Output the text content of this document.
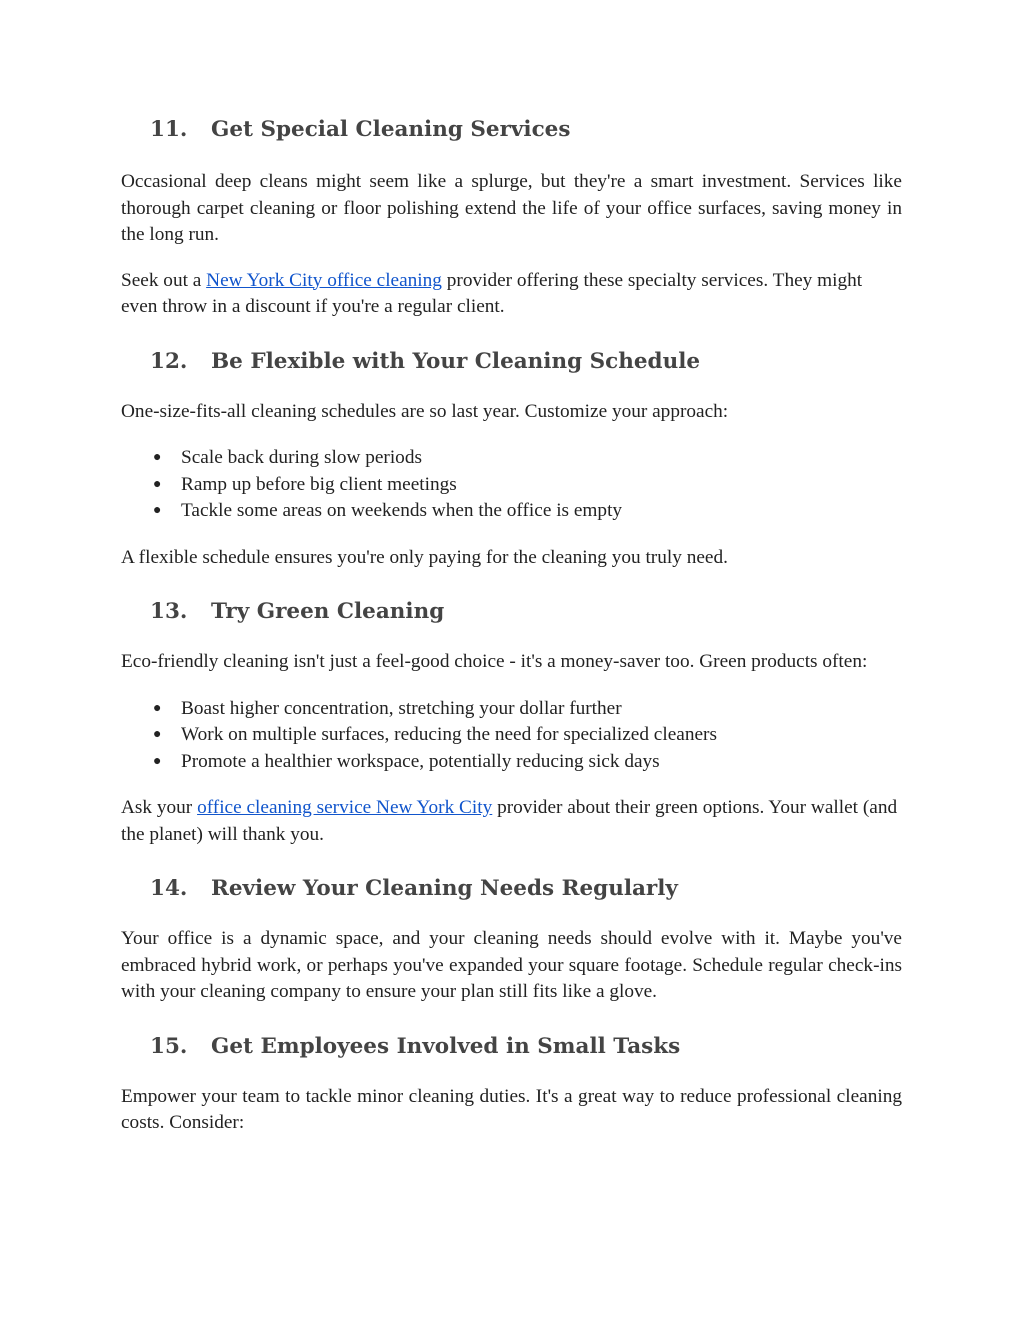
11.	Get Special Cleaning Services

Occasional deep cleans might seem like a splurge, but they're a smart investment. Services like thorough carpet cleaning or floor polishing extend the life of your office surfaces, saving money in the long run.

Seek out a New York City office cleaning provider offering these specialty services. They might even throw in a discount if you're a regular client.

12.	Be Flexible with Your Cleaning Schedule

One-size-fits-all cleaning schedules are so last year. Customize your approach:

● Scale back during slow periods
● Ramp up before big client meetings
● Tackle some areas on weekends when the office is empty

A flexible schedule ensures you're only paying for the cleaning you truly need.

13.	Try Green Cleaning

Eco-friendly cleaning isn't just a feel-good choice - it's a money-saver too. Green products often:

● Boast higher concentration, stretching your dollar further
● Work on multiple surfaces, reducing the need for specialized cleaners
● Promote a healthier workspace, potentially reducing sick days

Ask your office cleaning service New York City provider about their green options. Your wallet (and the planet) will thank you.

14.	Review Your Cleaning Needs Regularly

Your office is a dynamic space, and your cleaning needs should evolve with it. Maybe you've embraced hybrid work, or perhaps you've expanded your square footage. Schedule regular check-ins with your cleaning company to ensure your plan still fits like a glove.

15.	Get Employees Involved in Small Tasks

Empower your team to tackle minor cleaning duties. It's a great way to reduce professional cleaning costs. Consider:
